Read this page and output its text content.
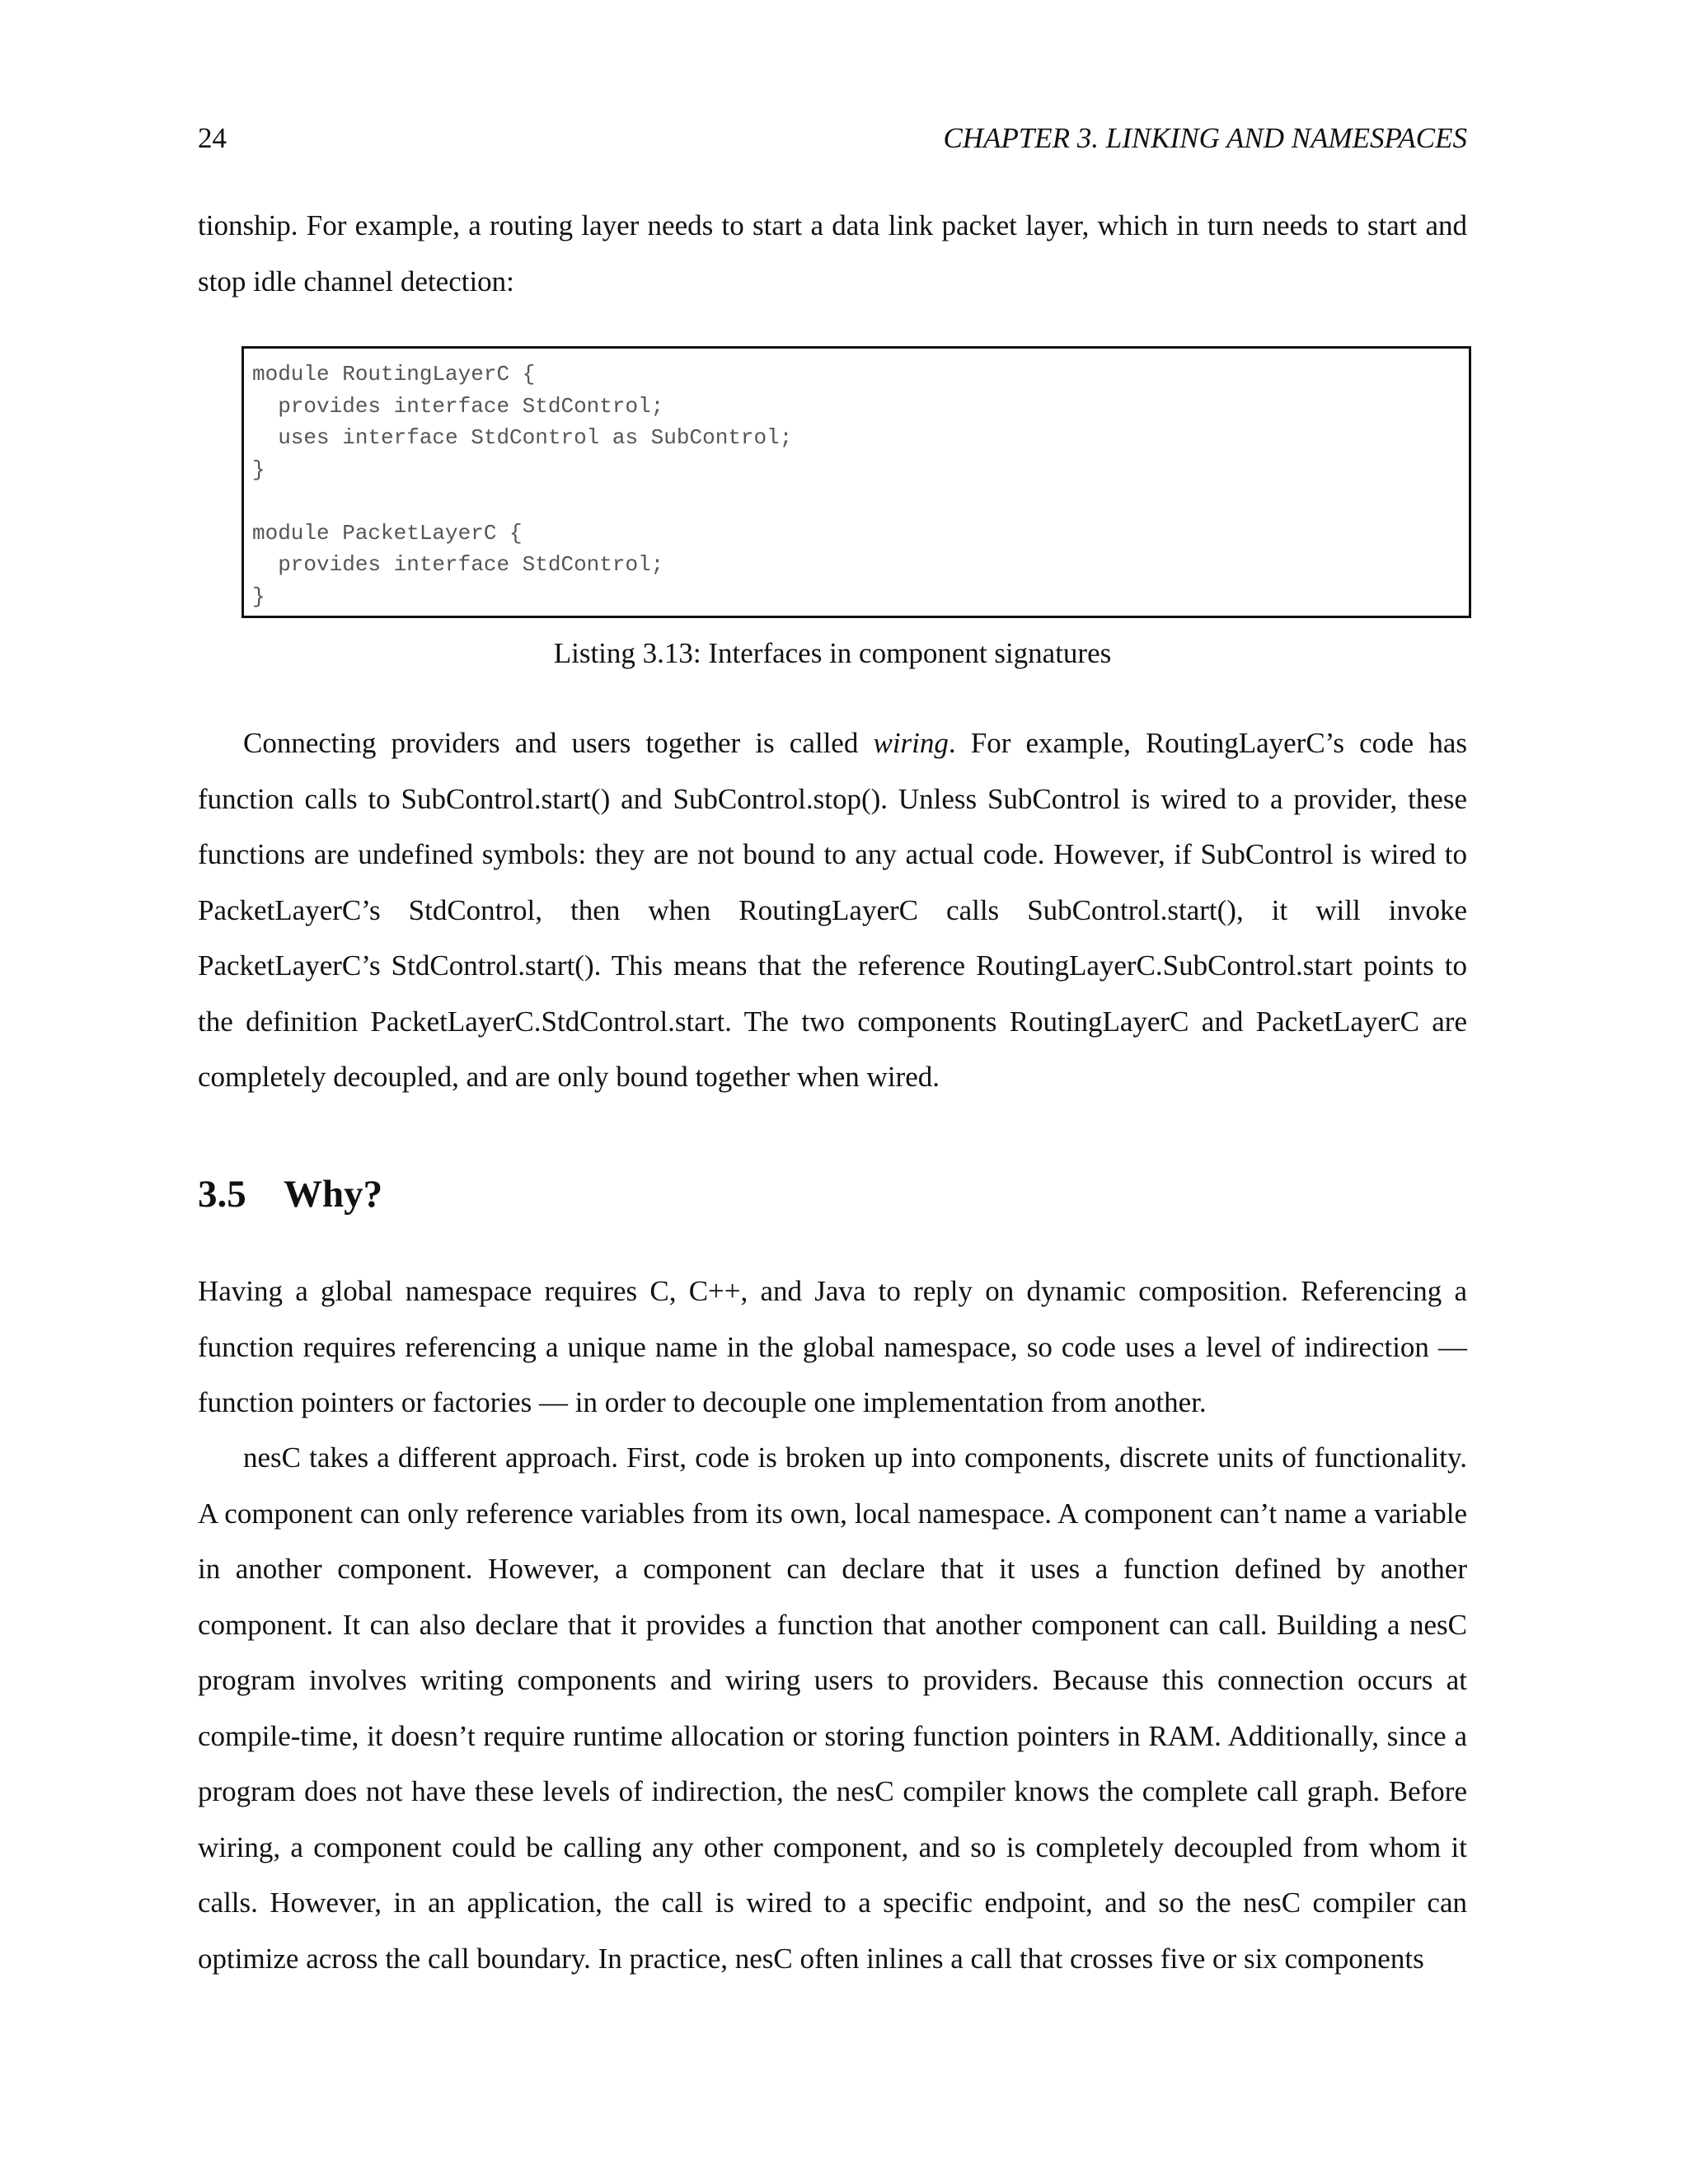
24	CHAPTER 3. LINKING AND NAMESPACES

tionship. For example, a routing layer needs to start a data link packet layer, which in turn needs to start and stop idle channel detection:

module RoutingLayerC {
provides interface StdControl;
uses interface StdControl as SubControl;
}

module PacketLayerC {
provides interface StdControl;
}
Listing 3.13: Interfaces in component signatures

Connecting providers and users together is called wiring. For example, RoutingLayerC’s code has function calls to SubControl.start() and SubControl.stop(). Unless SubControl is wired to a provider, these functions are undefined symbols: they are not bound to any actual code. However, if SubControl is wired to PacketLayerC’s StdControl, then when RoutingLayerC calls SubControl.start(), it will invoke PacketLayerC’s StdControl.start(). This means that the reference RoutingLayerC.SubControl.start points to the definition PacketLayerC.StdControl.start. The two components RoutingLayerC and PacketLayerC are completely decoupled, and are only bound together when wired.

3.5 Why?

Having a global namespace requires C, C++, and Java to reply on dynamic composition. Referencing a function requires referencing a unique name in the global namespace, so code uses a level of indirection — function pointers or factories — in order to decouple one implementation from another.

nesC takes a different approach. First, code is broken up into components, discrete units of functionality. A component can only reference variables from its own, local namespace. A component can’t name a variable in another component. However, a component can declare that it uses a function defined by another component. It can also declare that it provides a function that another component can call. Building a nesC program involves writing components and wiring users to providers. Because this connection occurs at compile-time, it doesn’t require runtime allocation or storing function pointers in RAM. Additionally, since a program does not have these levels of indirection, the nesC compiler knows the complete call graph. Before wiring, a component could be calling any other component, and so is completely decoupled from whom it calls. However, in an application, the call is wired to a specific endpoint, and so the nesC compiler can optimize across the call boundary. In practice, nesC often inlines a call that crosses five or six components
